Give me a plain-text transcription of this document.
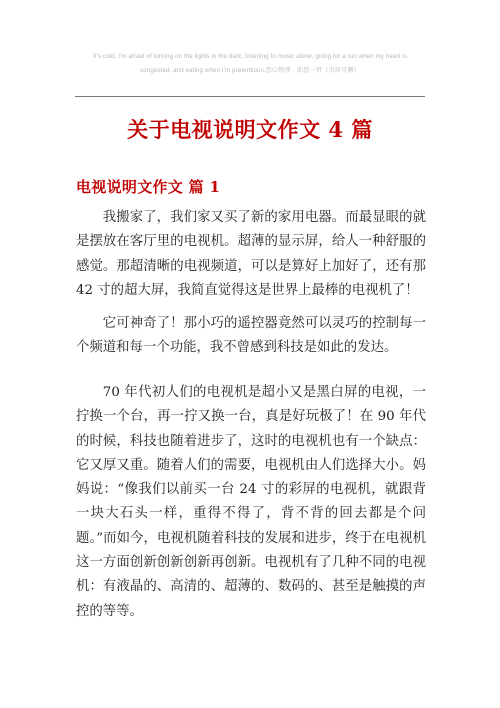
It's cold, I'm afraid of turning on the lights in the dark, listening to music alone, going for a run when my heart is
congested, and eating when I'm pretentious.恋心整理　助您一臂（页眉可删）
关于电视说明文作文 4 篇
电视说明文作文 篇 1

我搬家了，我们家又买了新的家用电器。而最显眼的就是摆放在客厅里的电视机。超薄的显示屏，给人一种舒服的感觉。那超清晰的电视频道，可以是算好上加好了，还有那 42 寸的超大屏，我简直觉得这是世界上最棒的电视机了！

它可神奇了！那小巧的遥控器竟然可以灵巧的控制每一个频道和每一个功能，我不曾感到科技是如此的发达。

70 年代初人们的电视机是超小又是黑白屏的电视，一拧换一个台，再一拧又换一台，真是好玩极了！在 90 年代的时候，科技也随着进步了，这时的电视机也有一个缺点：它又厚又重。随着人们的需要，电视机由人们选择大小。妈妈说：“像我们以前买一台 24 寸的彩屏的电视机，就跟背一块大石头一样，重得不得了，背不背的回去都是个问题。”而如今，电视机随着科技的发展和进步，终于在电视机这一方面创新创新创新再创新。电视机有了几种不同的电视机：有液晶的、高清的、超薄的、数码的、甚至是触摸的声控的等等。
